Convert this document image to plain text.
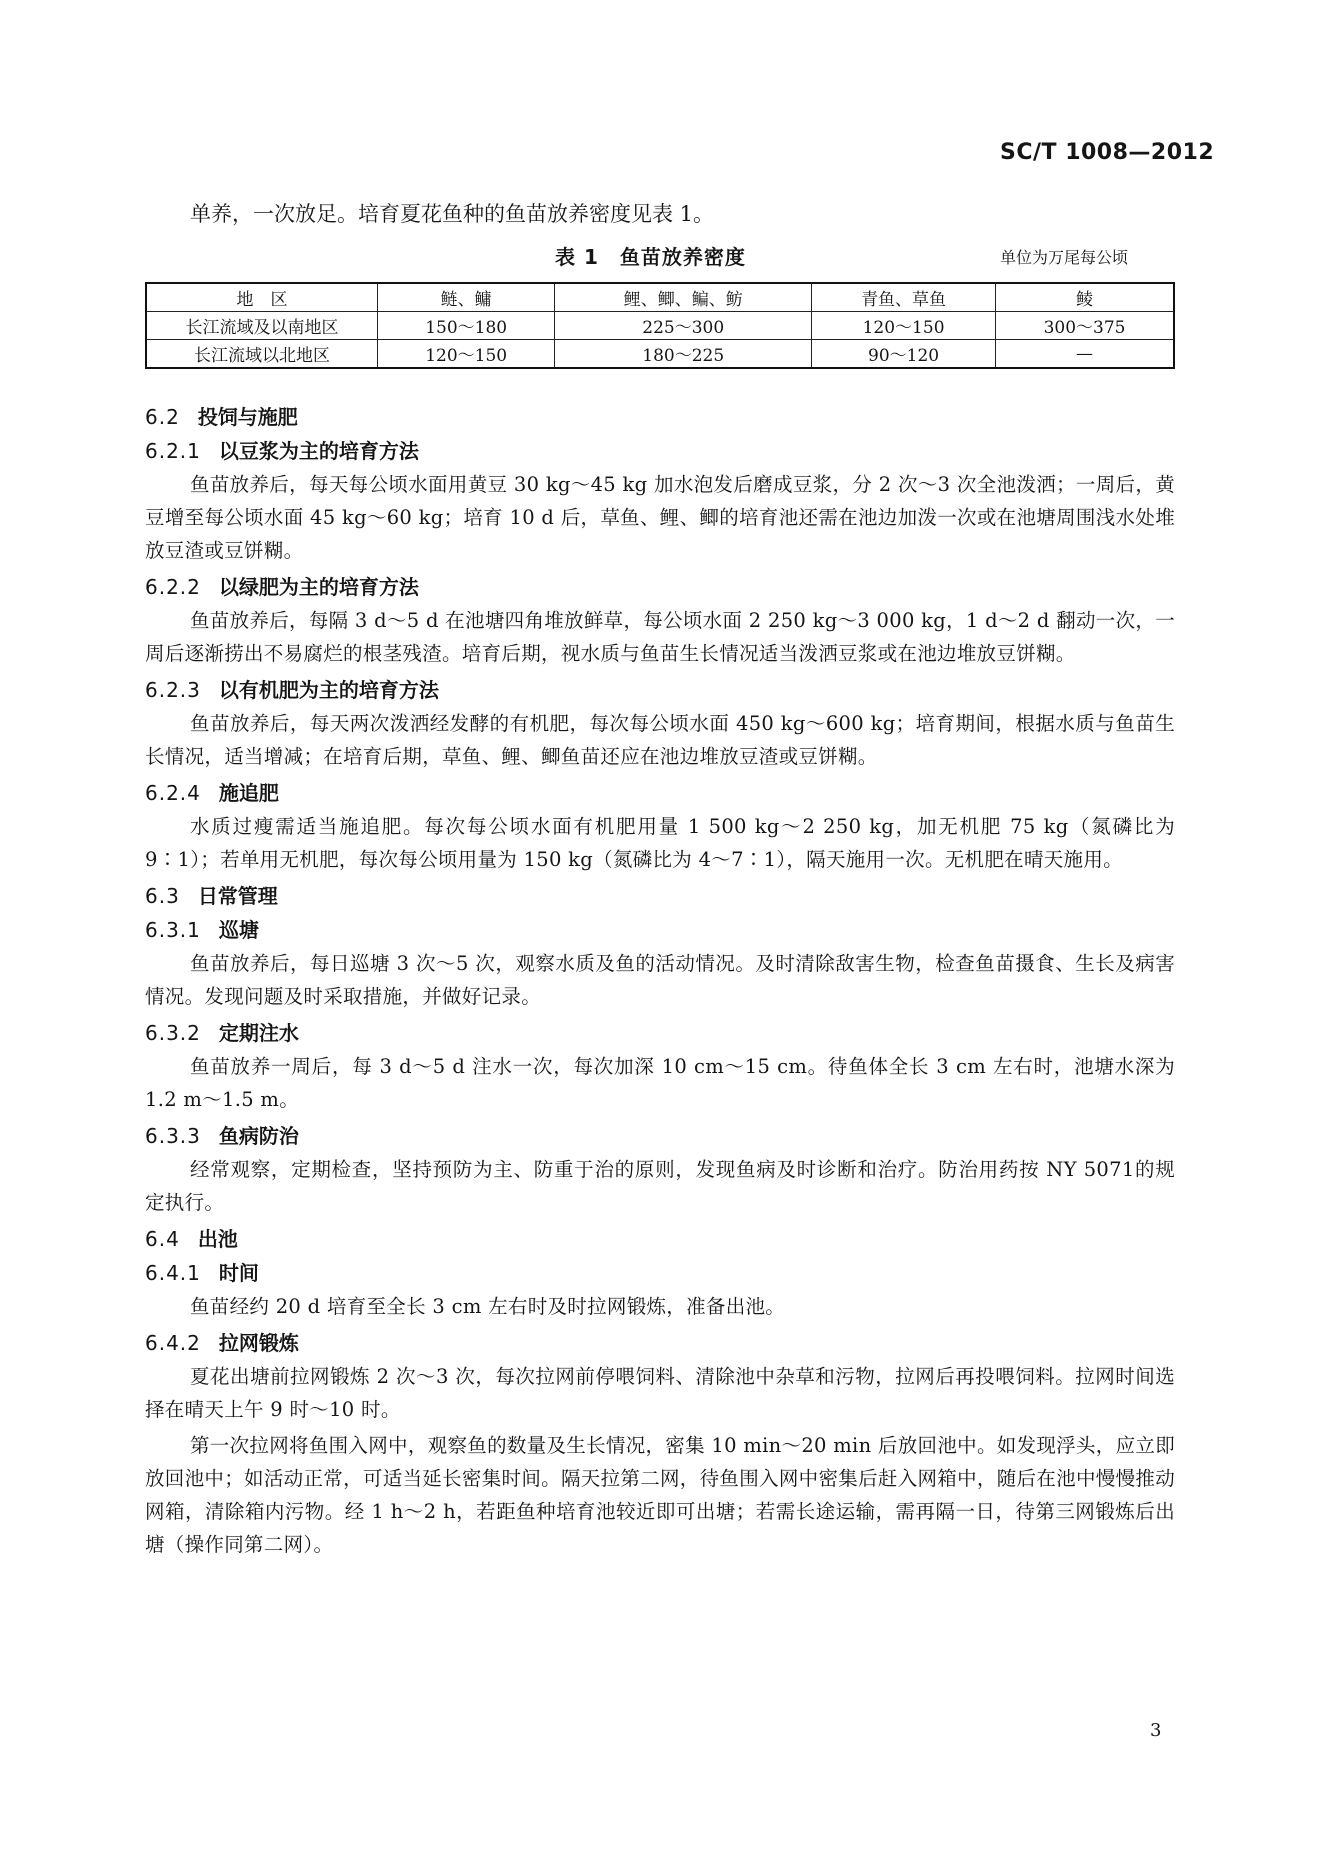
SC/T 1008—2012
单养，一次放足。培育夏花鱼种的鱼苗放养密度见表 1。
表 1　鱼苗放养密度	单位为万尾每公顷
地　区	鲢、鳙	鲤、鲫、鳊、鲂	青鱼、草鱼	鲮
长江流域及以南地区	150～180	225～300	120～150	300～375
长江流域以北地区	120～150	180～225	90～120	—

6.2 投饲与施肥

6.2.1 以豆浆为主的培育方法

鱼苗放养后，每天每公顷水面用黄豆 30 kg～45 kg 加水泡发后磨成豆浆，分 2 次～3 次全池泼洒；一周后，黄豆增至每公顷水面 45 kg～60 kg；培育 10 d 后，草鱼、鲤、鲫的培育池还需在池边加泼一次或在池塘周围浅水处堆放豆渣或豆饼糊。

6.2.2 以绿肥为主的培育方法

鱼苗放养后，每隔 3 d～5 d 在池塘四角堆放鲜草，每公顷水面 2 250 kg～3 000 kg，1 d～2 d 翻动一次，一周后逐渐捞出不易腐烂的根茎残渣。培育后期，视水质与鱼苗生长情况适当泼洒豆浆或在池边堆放豆饼糊。

6.2.3 以有机肥为主的培育方法

鱼苗放养后，每天两次泼洒经发酵的有机肥，每次每公顷水面 450 kg～600 kg；培育期间，根据水质与鱼苗生长情况，适当增减；在培育后期，草鱼、鲤、鲫鱼苗还应在池边堆放豆渣或豆饼糊。

6.2.4 施追肥

水质过瘦需适当施追肥。每次每公顷水面有机肥用量 1 500 kg～2 250 kg，加无机肥 75 kg（氮磷比为 9∶1）；若单用无机肥，每次每公顷用量为 150 kg（氮磷比为 4～7∶1），隔天施用一次。无机肥在晴天施用。

6.3 日常管理

6.3.1 巡塘

鱼苗放养后，每日巡塘 3 次～5 次，观察水质及鱼的活动情况。及时清除敌害生物，检查鱼苗摄食、生长及病害情况。发现问题及时采取措施，并做好记录。

6.3.2 定期注水

鱼苗放养一周后，每 3 d～5 d 注水一次，每次加深 10 cm～15 cm。待鱼体全长 3 cm 左右时，池塘水深为 1.2 m～1.5 m。

6.3.3 鱼病防治

经常观察，定期检查，坚持预防为主、防重于治的原则，发现鱼病及时诊断和治疗。防治用药按 NY 5071的规定执行。

6.4 出池

6.4.1 时间

鱼苗经约 20 d 培育至全长 3 cm 左右时及时拉网锻炼，准备出池。

6.4.2 拉网锻炼

夏花出塘前拉网锻炼 2 次～3 次，每次拉网前停喂饲料、清除池中杂草和污物，拉网后再投喂饲料。拉网时间选择在晴天上午 9 时～10 时。

第一次拉网将鱼围入网中，观察鱼的数量及生长情况，密集 10 min～20 min 后放回池中。如发现浮头，应立即放回池中；如活动正常，可适当延长密集时间。隔天拉第二网，待鱼围入网中密集后赶入网箱中，随后在池中慢慢推动网箱，清除箱内污物。经 1 h～2 h，若距鱼种培育池较近即可出塘；若需长途运输，需再隔一日，待第三网锻炼后出塘（操作同第二网）。

3
